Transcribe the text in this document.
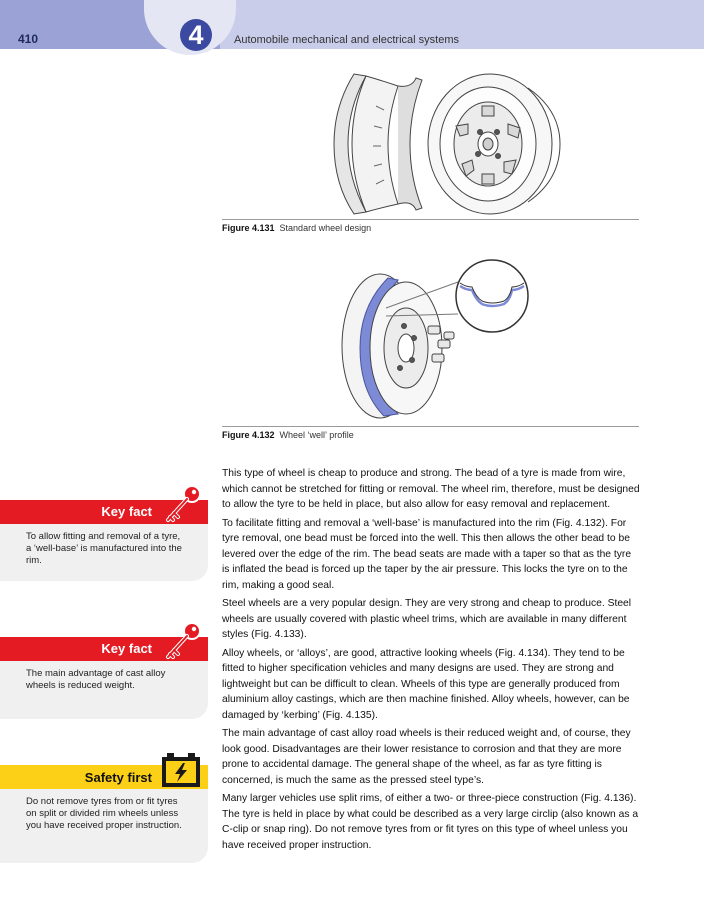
410	4	Automobile mechanical and electrical systems
Figure 4.131 Standard wheel design
Figure 4.132 Wheel ‘well’ profile
Key fact
To allow fitting and removal of a tyre, a ‘well-base’ is manufactured into the rim.
Key fact
The main advantage of cast alloy wheels is reduced weight.
Safety first
Do not remove tyres from or fit tyres on split or divided rim wheels unless you have received proper instruction.

This type of wheel is cheap to produce and strong. The bead of a tyre is made from wire, which cannot be stretched for fitting or removal. The wheel rim, therefore, must be designed to allow the tyre to be held in place, but also allow for easy removal and replacement.

To facilitate fitting and removal a ‘well-base’ is manufactured into the rim (Fig. 4.132). For tyre removal, one bead must be forced into the well. This then allows the other bead to be levered over the edge of the rim. The bead seats are made with a taper so that as the tyre is inflated the bead is forced up the taper by the air pressure. This locks the tyre on to the rim, making a good seal.

Steel wheels are a very popular design. They are very strong and cheap to produce. Steel wheels are usually covered with plastic wheel trims, which are available in many different styles (Fig. 4.133).

Alloy wheels, or ‘alloys’, are good, attractive looking wheels (Fig. 4.134). They tend to be fitted to higher specification vehicles and many designs are used. They are strong and lightweight but can be difficult to clean. Wheels of this type are generally produced from aluminium alloy castings, which are then machine finished. Alloy wheels, however, can be damaged by ‘kerbing’ (Fig. 4.135).

The main advantage of cast alloy road wheels is their reduced weight and, of course, they look good. Disadvantages are their lower resistance to corrosion and that they are more prone to accidental damage. The general shape of the wheel, as far as tyre fitting is concerned, is much the same as the pressed steel type’s.

Many larger vehicles use split rims, of either a two- or three-piece construction (Fig. 4.136). The tyre is held in place by what could be described as a very large circlip (also known as a C-clip or snap ring). Do not remove tyres from or fit tyres on this type of wheel unless you have received proper instruction.
